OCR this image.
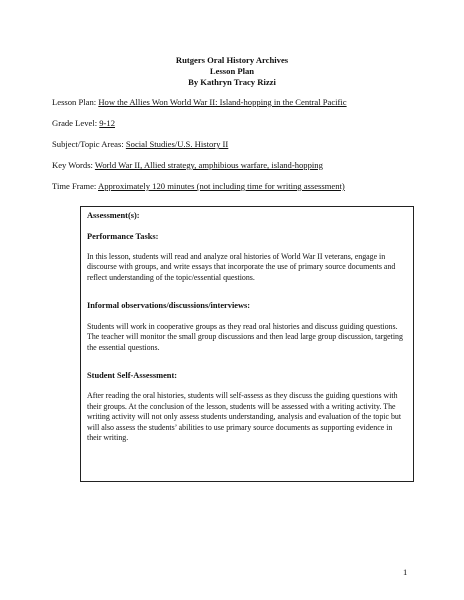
Rutgers Oral History Archives
Lesson Plan
By Kathryn Tracy Rizzi
Lesson Plan: How the Allies Won World War II: Island-hopping in the Central Pacific
Grade Level: 9-12
Subject/Topic Areas: Social Studies/U.S. History II
Key Words: World War II, Allied strategy, amphibious warfare, island-hopping
Time Frame: Approximately 120 minutes (not including time for writing assessment)
Assessment(s):
Performance Tasks:

In this lesson, students will read and analyze oral histories of World War II veterans, engage in discourse with groups, and write essays that incorporate the use of primary source documents and reflect understanding of the topic/essential questions.

Informal observations/discussions/interviews:

Students will work in cooperative groups as they read oral histories and discuss guiding questions. The teacher will monitor the small group discussions and then lead large group discussion, targeting the essential questions.

Student Self-Assessment:

After reading the oral histories, students will self-assess as they discuss the guiding questions with their groups. At the conclusion of the lesson, students will be assessed with a writing activity. The writing activity will not only assess students understanding, analysis and evaluation of the topic but will also assess the students’ abilities to use primary source documents as supporting evidence in their writing.

1
